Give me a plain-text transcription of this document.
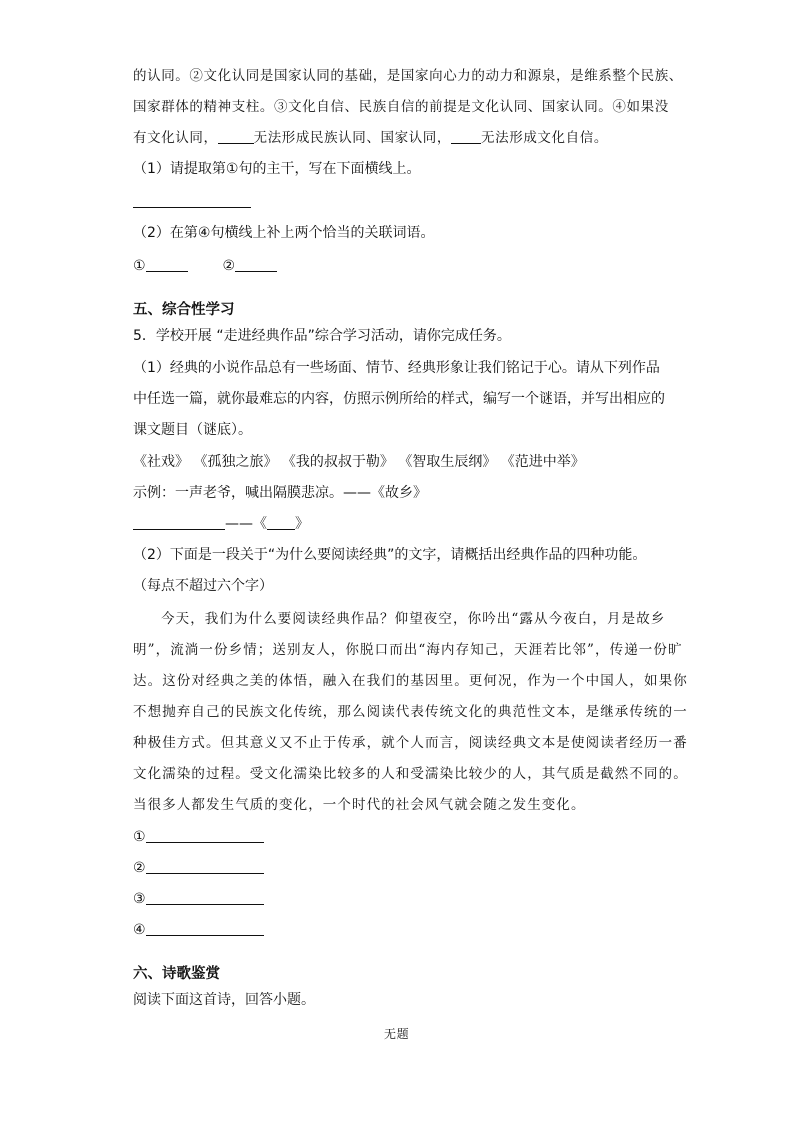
的认同。②文化认同是国家认同的基础，是国家向心力的动力和源泉，是维系整个民族、
国家群体的精神支柱。③文化自信、民族自信的前提是文化认同、国家认同。④如果没
有文化认同，	无法形成民族认同、国家认同， 无法形成文化自信。
（1）请提取第①句的主干，写在下面横线上。
（2）在第④句横线上补上两个恰当的关联词语。
①	②
五、综合性学习
5．学校开展 “走进经典作品”综合学习活动，请你完成任务。
（1）经典的小说作品总有一些场面、情节、经典形象让我们铭记于心。请从下列作品
中任选一篇，就你最难忘的内容，仿照示例所给的样式，编写一个谜语，并写出相应的
课文题目（谜底）。
《社戏》 《孤独之旅》 《我的叔叔于勒》 《智取生辰纲》 《范进中举》
示例：一声老爷，喊出隔膜悲凉。——《故乡》
——《 》
（2）下面是一段关于“为什么要阅读经典”的文字，请概括出经典作品的四种功能。
（每点不超过六个字）
今天，我们为什么要阅读经典作品？仰望夜空，你吟出“露从今夜白，月是故乡
明”，流淌一份乡情；送别友人，你脱口而出“海内存知己，天涯若比邻”，传递一份旷
达。这份对经典之美的体悟，融入在我们的基因里。更何况，作为一个中国人，如果你
不想抛弃自己的民族文化传统，那么阅读代表传统文化的典范性文本，是继承传统的一
种极佳方式。但其意义又不止于传承，就个人而言，阅读经典文本是使阅读者经历一番
文化濡染的过程。受文化濡染比较多的人和受濡染比较少的人，其气质是截然不同的。
当很多人都发生气质的变化，一个时代的社会风气就会随之发生变化。
①
②
③
④
六、诗歌鉴赏
阅读下面这首诗，回答小题。
无题
